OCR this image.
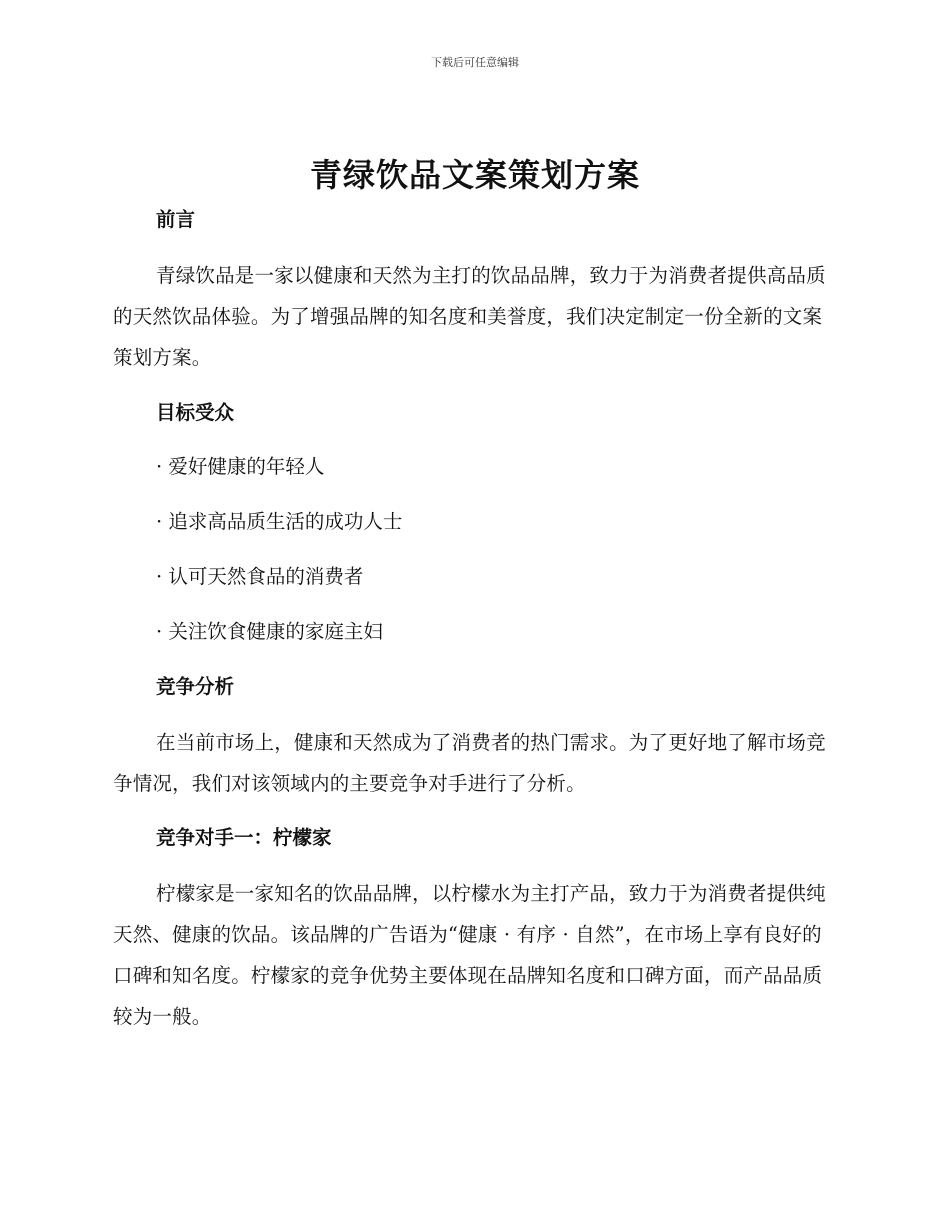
下载后可任意编辑
青绿饮品文案策划方案

前言

青绿饮品是一家以健康和天然为主打的饮品品牌，致力于为消费者提供高品质的天然饮品体验。为了增强品牌的知名度和美誉度，我们决定制定一份全新的文案策划方案。

目标受众

· 爱好健康的年轻人

· 追求高品质生活的成功人士

· 认可天然食品的消费者

· 关注饮食健康的家庭主妇

竞争分析

在当前市场上，健康和天然成为了消费者的热门需求。为了更好地了解市场竞争情况，我们对该领域内的主要竞争对手进行了分析。

竞争对手一：柠檬家

柠檬家是一家知名的饮品品牌，以柠檬水为主打产品，致力于为消费者提供纯天然、健康的饮品。该品牌的广告语为“健康 · 有序 · 自然”，在市场上享有良好的口碑和知名度。柠檬家的竞争优势主要体现在品牌知名度和口碑方面，而产品品质较为一般。
